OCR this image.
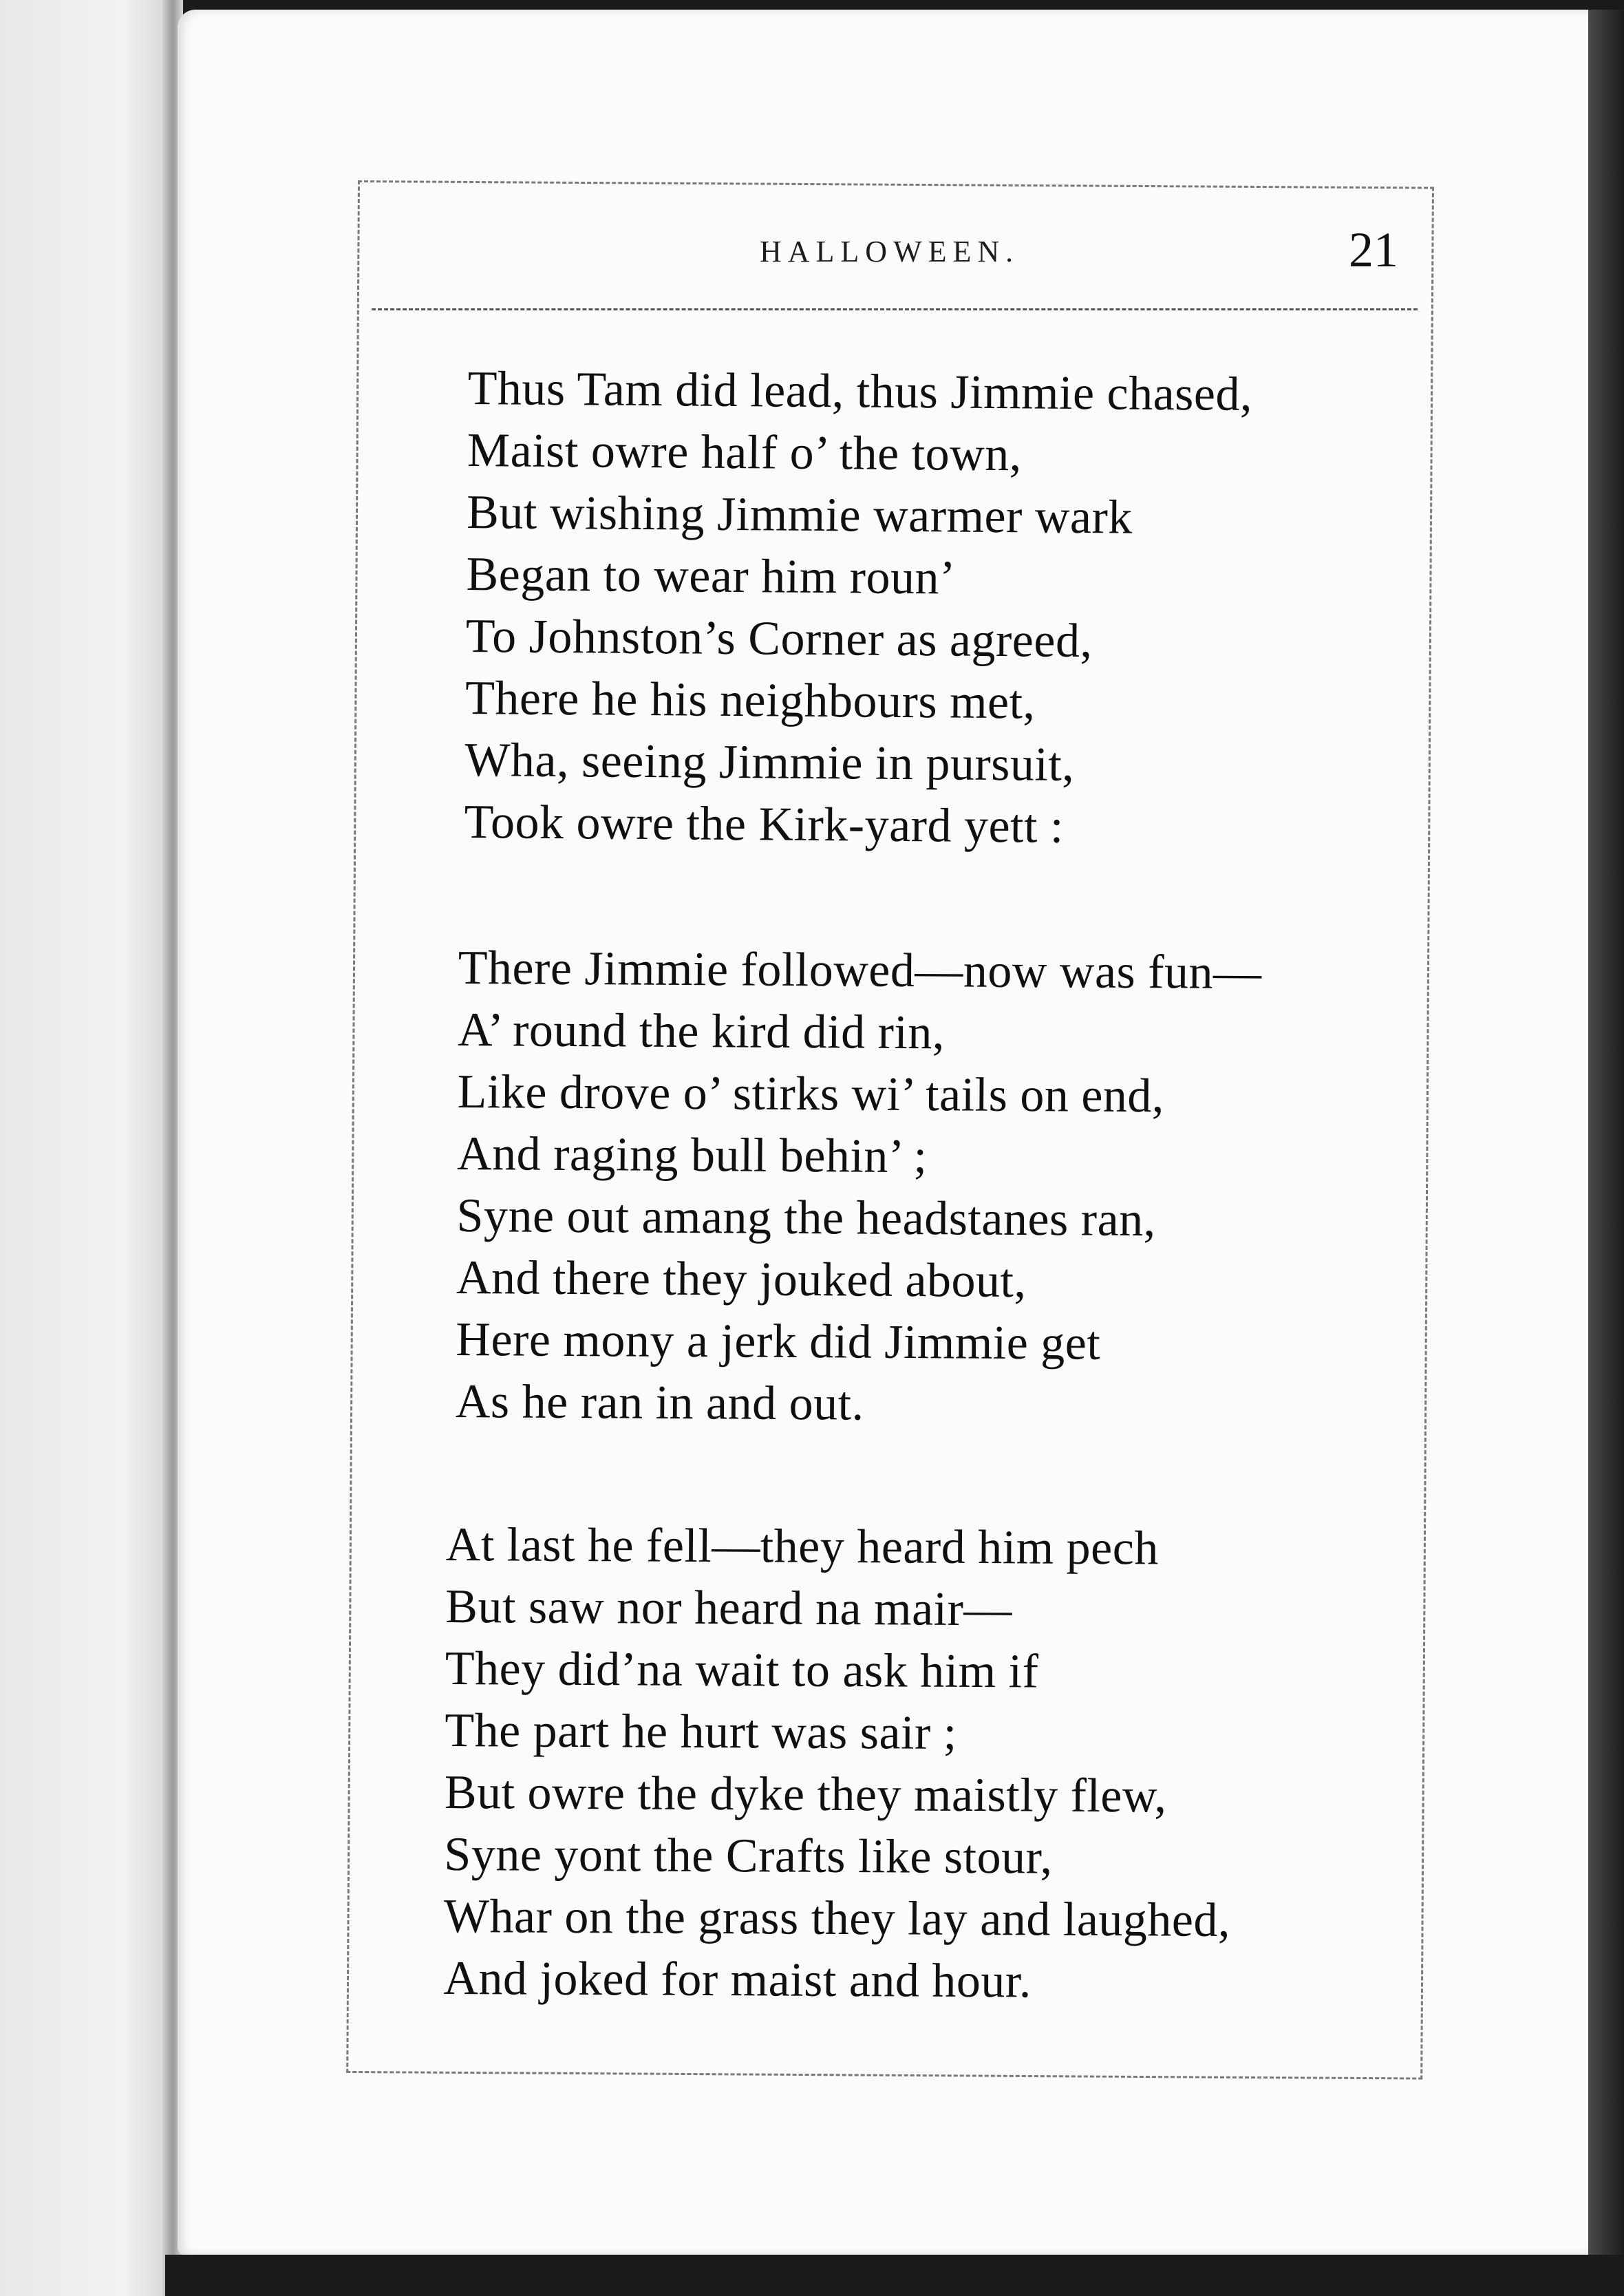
HALLOWEEN.	21
Thus Tam did lead, thus Jimmie chased,
Maist owre half o’ the town,
But wishing Jimmie warmer wark
Began to wear him roun’
To Johnston’s Corner as agreed,
There he his neighbours met,
Wha, seeing Jimmie in pursuit,
Took owre the Kirk-yard yett :
There Jimmie followed—now was fun—
A’ round the kird did rin,
Like drove o’ stirks wi’ tails on end,
And raging bull behin’ ;
Syne out amang the headstanes ran,
And there they jouked about,
Here mony a jerk did Jimmie get
As he ran in and out.
At last he fell—they heard him pech
But saw nor heard na mair—
They did’na wait to ask him if
The part he hurt was sair ;
But owre the dyke they maistly flew,
Syne yont the Crafts like stour,
Whar on the grass they lay and laughed,
And joked for maist and hour.
